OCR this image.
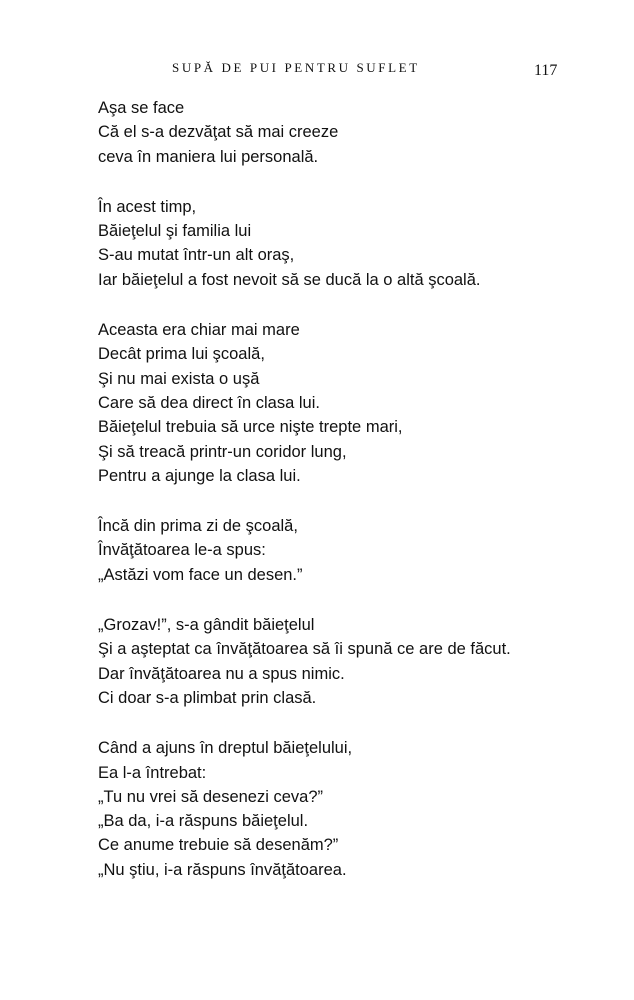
SUPĂ DE PUI PENTRU SUFLET	117
Aşa se face
Că el s-a dezvăţat să mai creeze
ceva în maniera lui personală.
În acest timp,
Băieţelul şi familia lui
S-au mutat într-un alt oraş,
Iar băieţelul a fost nevoit să se ducă la o altă şcoală.
Aceasta era chiar mai mare
Decât prima lui şcoală,
Şi nu mai exista o uşă
Care să dea direct în clasa lui.
Băieţelul trebuia să urce nişte trepte mari,
Şi să treacă printr-un coridor lung,
Pentru a ajunge la clasa lui.
Încă din prima zi de şcoală,
Învăţătoarea le-a spus:
„Astăzi vom face un desen.”
„Grozav!”, s-a gândit băieţelul
Şi a aşteptat ca învăţătoarea să îi spună ce are de făcut.
Dar învăţătoarea nu a spus nimic.
Ci doar s-a plimbat prin clasă.
Când a ajuns în dreptul băieţelului,
Ea l-a întrebat:
„Tu nu vrei să desenezi ceva?”
„Ba da, i-a răspuns băieţelul.
Ce anume trebuie să desenăm?”
„Nu ştiu, i-a răspuns învăţătoarea.
